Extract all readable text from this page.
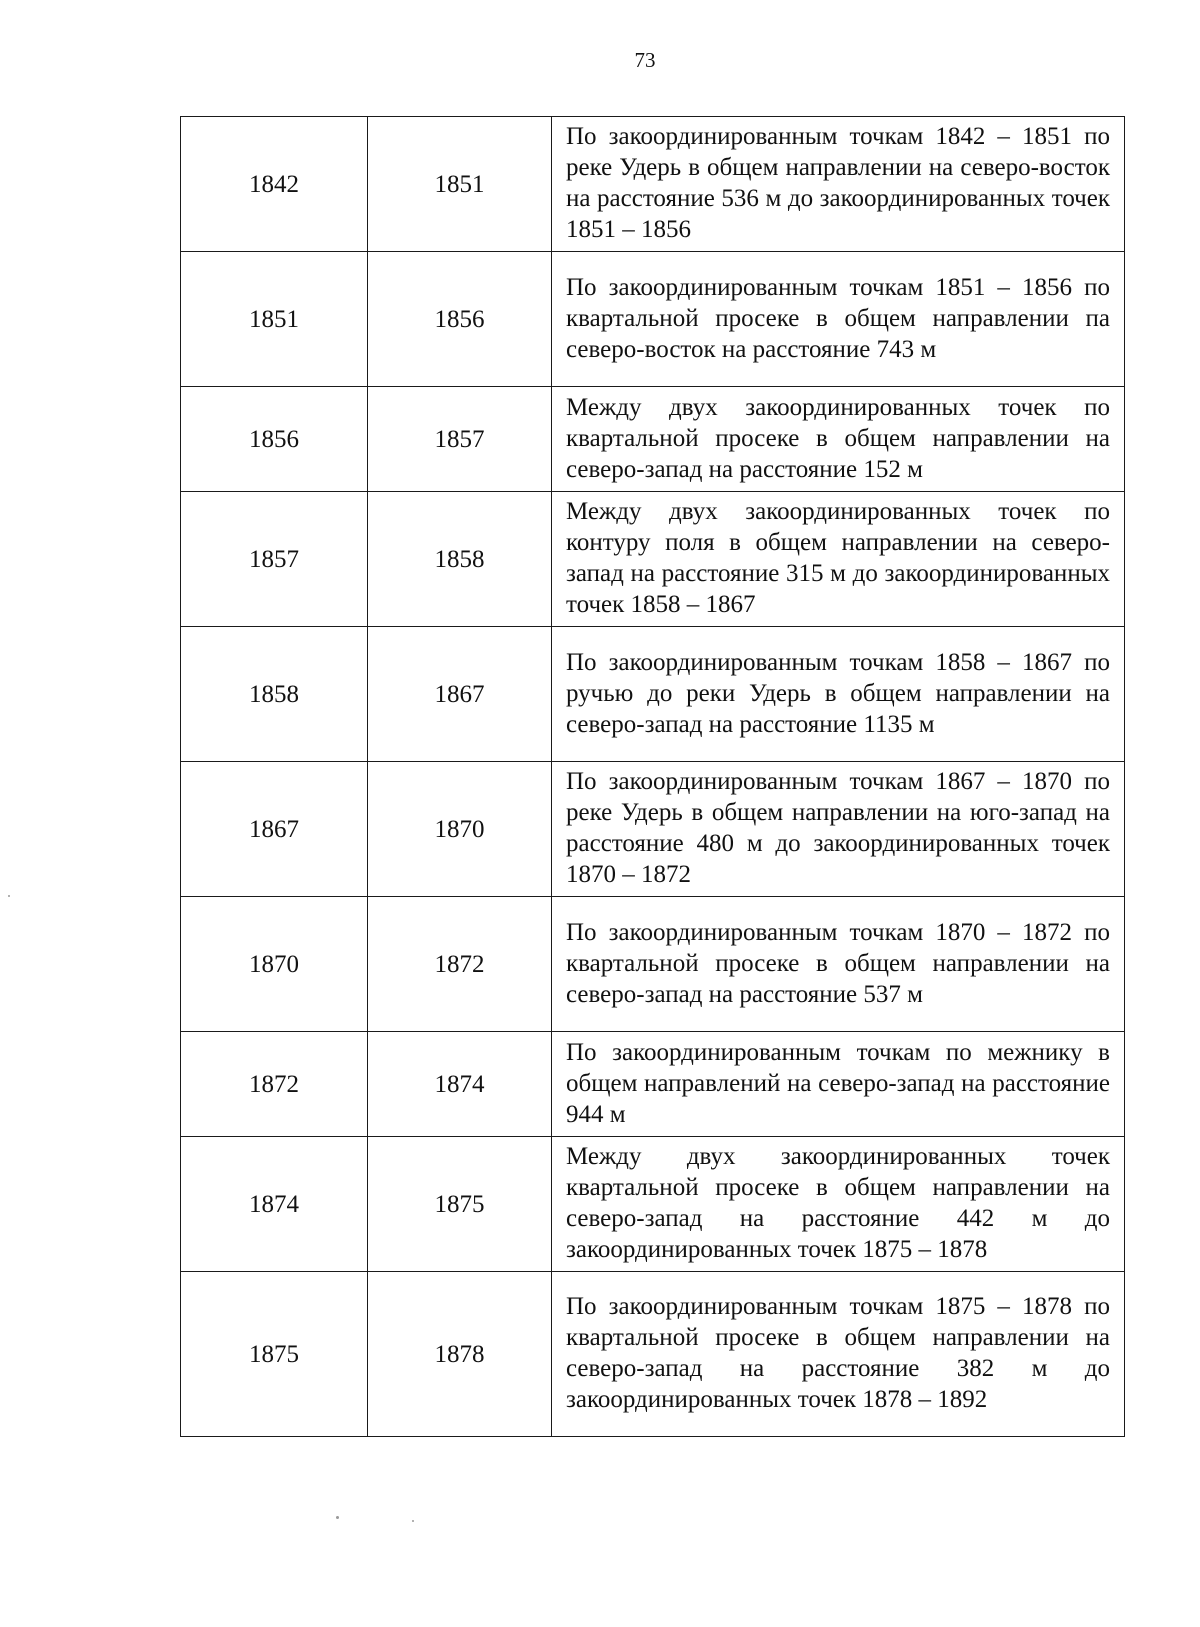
73
1842	1851	По закоординированным точкам 1842 – 1851 по реке Удерь в общем направлении на северо-восток на расстояние 536 м до закоординированных точек 1851 – 1856
1851	1856	По закоординированным точкам 1851 – 1856 по квартальной просеке в общем направлении па северо-восток на расстояние 743 м
1856	1857	Между двух закоординированных точек по квартальной просеке в общем направлении на северо-запад на расстояние 152 м
1857	1858	Между двух закоординированных точек по контуру поля в общем направлении на северо-запад на расстояние 315 м до закоординированных точек 1858 – 1867
1858	1867	По закоординированным точкам 1858 – 1867 по ручью до реки Удерь в общем направлении на северо-запад на расстояние 1135 м
1867	1870	По закоординированным точкам 1867 – 1870 по реке Удерь в общем направлении на юго-запад на расстояние 480 м до закоординированных точек 1870 – 1872
1870	1872	По закоординированным точкам 1870 – 1872 по квартальной просеке в общем направлении на северо-запад на расстояние 537 м
1872	1874	По закоординированным точкам по межнику в общем направлений на северо-запад на расстояние 944 м
1874	1875	Между двух закоординированных точек квартальной просеке в общем направлении на северо-запад на расстояние 442 м до закоординированных точек 1875 – 1878
1875	1878	По закоординированным точкам 1875 – 1878 по квартальной просеке в общем направлении на северо-запад на расстояние 382 м до закоординированных точек 1878 – 1892
